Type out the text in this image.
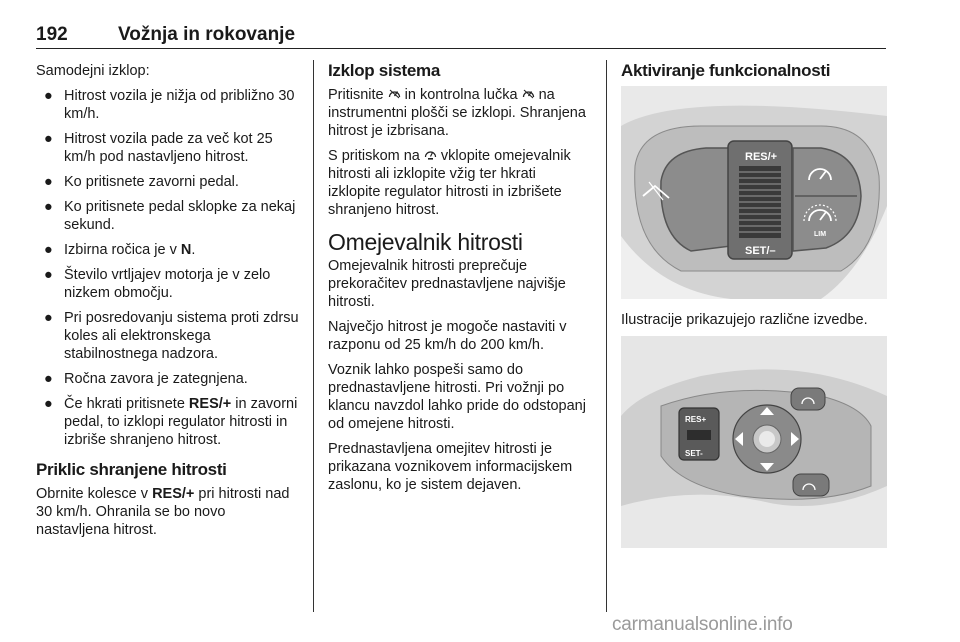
192	Vožnja in rokovanje

Samodejni izklop:

● Hitrost vozila je nižja od približno 30 km/h.
● Hitrost vozila pade za več kot 25 km/h pod nastavljeno hitrost.
● Ko pritisnete zavorni pedal.
● Ko pritisnete pedal sklopke za nekaj sekund.
● Izbirna ročica je v N.
● Število vrtljajev motorja je v zelo nizkem območju.
● Pri posredovanju sistema proti zdrsu koles ali elektronskega stabilnostnega nadzora.
● Ročna zavora je zategnjena.
● Če hkrati pritisnete RES/+ in zavorni pedal, to izklopi regulator hitrosti in izbriše shranjeno hitrost.
Priklic shranjene hitrosti

Obrnite kolesce v RES/+ pri hitrosti nad 30 km/h. Ohranila se bo novo nastavljena hitrost.

Izklop sistema

Pritisnite  in kontrolna lučka  na instrumentni plošči se izklopi. Shranjena hitrost je izbrisana.

S pritiskom na  vklopite omejevalnik hitrosti ali izklopite vžig ter hkrati izklopite regulator hitrosti in izbrišete shranjeno hitrost.

Omejevalnik hitrosti

Omejevalnik hitrosti preprečuje prekoračitev prednastavljene najvišje hitrosti.

Največjo hitrost je mogoče nastaviti v razponu od 25 km/h do 200 km/h.

Voznik lahko pospeši samo do prednastavljene hitrosti. Pri vožnji po klancu navzdol lahko pride do odstopanj od omejene hitrosti.

Prednastavljena omejitev hitrosti je prikazana voznikovem informacijskem zaslonu, ko je sistem dejaven.

Aktiviranje funkcionalnosti
RES/+
SET/–
LIM

Ilustracije prikazujejo različne izvedbe.

RES+
SET-
carmanualsonline.info
